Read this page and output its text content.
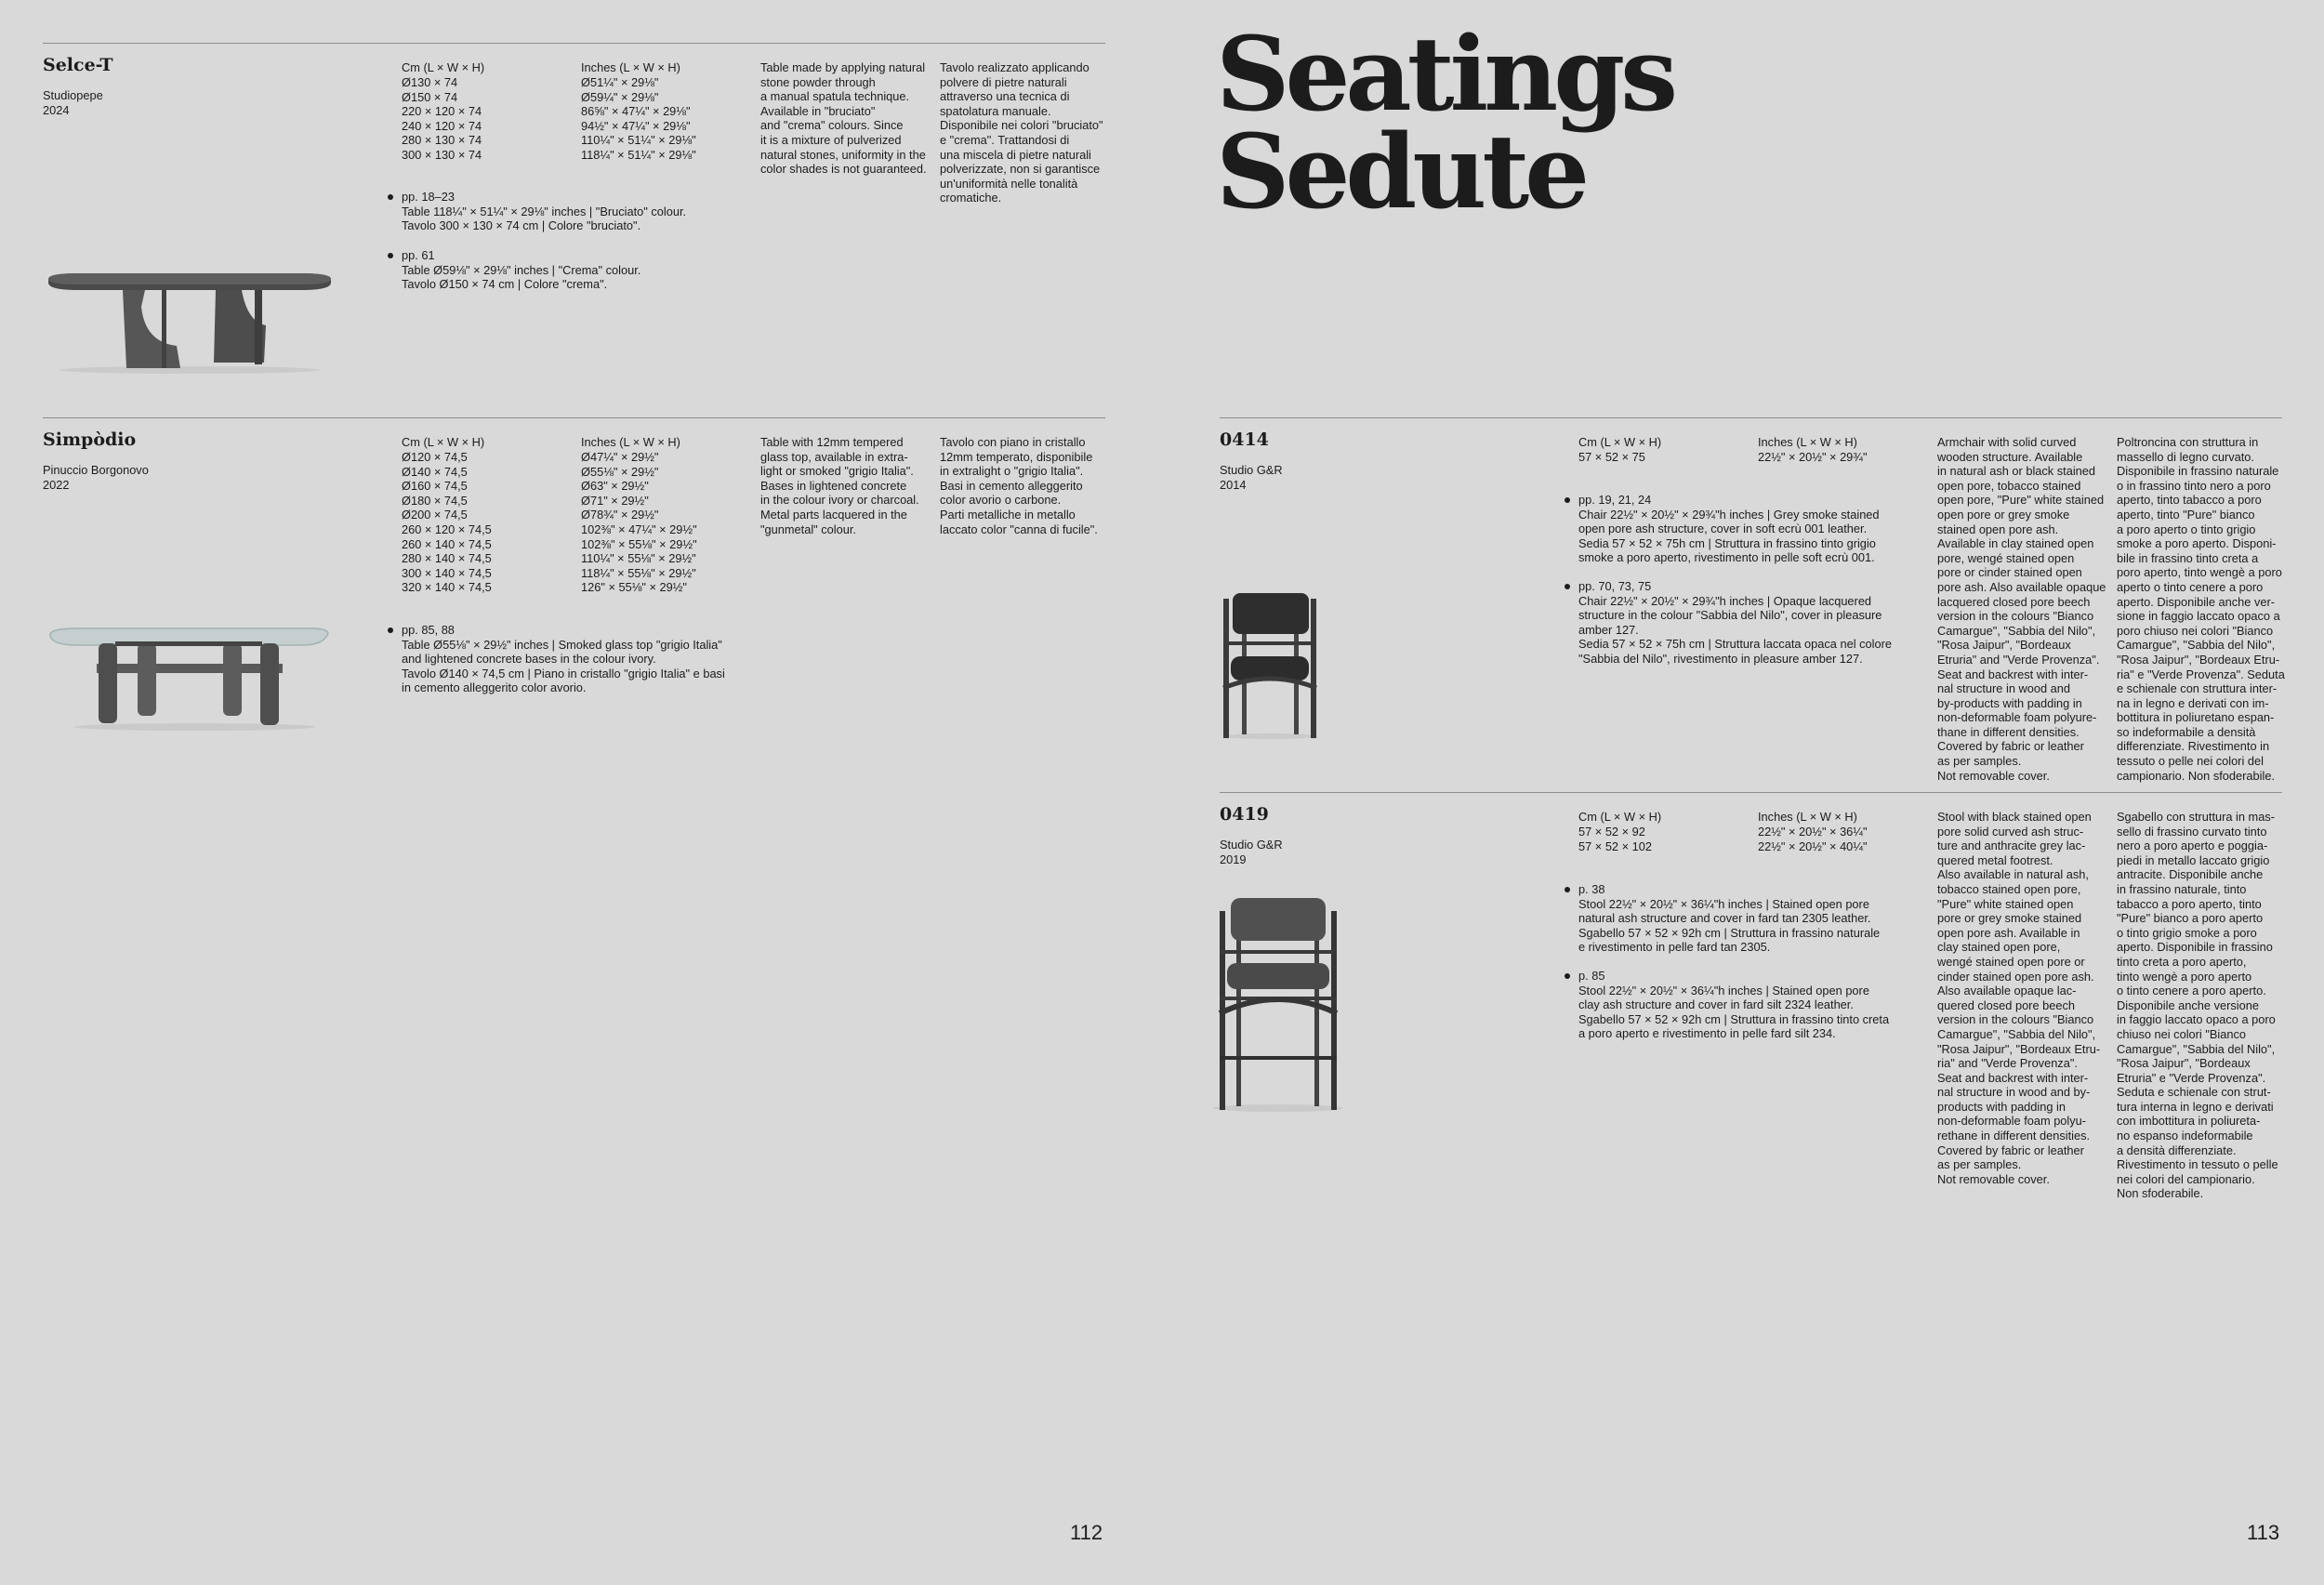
Selce-T
Studiopepe
2024
Cm (L × W × H)
Ø130 × 74
Ø150 × 74
220 × 120 × 74
240 × 120 × 74
280 × 130 × 74
300 × 130 × 74
Inches (L × W × H)
Ø51¼" × 29⅛"
Ø59¼" × 29⅛"
86⅝" × 47¼" × 29⅛"
94½" × 47¼" × 29⅛"
110¼" × 51¼" × 29⅛"
118¼" × 51¼" × 29⅛"
Table made by applying natural
stone powder through
a manual spatula technique.
Available in "bruciato"
and "crema" colours. Since
it is a mixture of pulverized
natural stones, uniformity in the
color shades is not guaranteed.
Tavolo realizzato applicando
polvere di pietre naturali
attraverso una tecnica di
spatolatura manuale.
Disponibile nei colori "bruciato"
e "crema". Trattandosi di
una miscela di pietre naturali
polverizzate, non si garantisce
un'uniformità nelle tonalità
cromatiche.
pp. 18–23
Table 118¼" × 51¼" × 29⅛" inches | "Bruciato" colour.
Tavolo 300 × 130 × 74 cm | Colore "bruciato".
pp. 61
Table Ø59⅛" × 29⅛" inches | "Crema" colour.
Tavolo Ø150 × 74 cm | Colore "crema".
Simpòdio
Pinuccio Borgonovo
2022
Cm (L × W × H)
Ø120 × 74,5
Ø140 × 74,5
Ø160 × 74,5
Ø180 × 74,5
Ø200 × 74,5
260 × 120 × 74,5
260 × 140 × 74,5
280 × 140 × 74,5
300 × 140 × 74,5
320 × 140 × 74,5
Inches (L × W × H)
Ø47¼" × 29½"
Ø55⅛" × 29½"
Ø63" × 29½"
Ø71" × 29½"
Ø78¾" × 29½"
102⅜" × 47¼" × 29½"
102⅜" × 55⅛" × 29½"
110¼" × 55⅛" × 29½"
118¼" × 55⅛" × 29½"
126" × 55⅛" × 29½"
Table with 12mm tempered
glass top, available in extra-
light or smoked "grigio Italia".
Bases in lightened concrete
in the colour ivory or charcoal.
Metal parts lacquered in the
"gunmetal" colour.
Tavolo con piano in cristallo
12mm temperato, disponibile
in extralight o "grigio Italia".
Basi in cemento alleggerito
color avorio o carbone.
Parti metalliche in metallo
laccato color "canna di fucile".
pp. 85, 88
Table Ø55⅛" × 29½" inches | Smoked glass top "grigio Italia"
and lightened concrete bases in the colour ivory.
Tavolo Ø140 × 74,5 cm | Piano in cristallo "grigio Italia" e basi
in cemento alleggerito color avorio.
112
Seatings
Sedute
0414
Studio G&R
2014
Cm (L × W × H)
57 × 52 × 75
Inches (L × W × H)
22½" × 20½" × 29¾"
Armchair with solid curved
wooden structure. Available
in natural ash or black stained
open pore, tobacco stained
open pore, "Pure" white stained
open pore or grey smoke
stained open pore ash.
Available in clay stained open
pore, wengé stained open
pore or cinder stained open
pore ash. Also available opaque
lacquered closed pore beech
version in the colours "Bianco
Camargue", "Sabbia del Nilo",
"Rosa Jaipur", "Bordeaux
Etruria" and "Verde Provenza".
Seat and backrest with inter-
nal structure in wood and
by-products with padding in
non-deformable foam polyure-
thane in different densities.
Covered by fabric or leather
as per samples.
Not removable cover.
Poltroncina con struttura in
massello di legno curvato.
Disponibile in frassino naturale
o in frassino tinto nero a poro
aperto, tinto tabacco a poro
aperto, tinto "Pure" bianco
a poro aperto o tinto grigio
smoke a poro aperto. Disponi-
bile in frassino tinto creta a
poro aperto, tinto wengè a poro
aperto o tinto cenere a poro
aperto. Disponibile anche ver-
sione in faggio laccato opaco a
poro chiuso nei colori "Bianco
Camargue", "Sabbia del Nilo",
"Rosa Jaipur", "Bordeaux Etru-
ria" e "Verde Provenza". Seduta
e schienale con struttura inter-
na in legno e derivati con im-
bottitura in poliuretano espan-
so indeformabile a densità
differenziate. Rivestimento in
tessuto o pelle nei colori del
campionario. Non sfoderabile.
pp. 19, 21, 24
Chair 22½" × 20½" × 29¾"h inches | Grey smoke stained
open pore ash structure, cover in soft ecrù 001 leather.
Sedia 57 × 52 × 75h cm | Struttura in frassino tinto grigio
smoke a poro aperto, rivestimento in pelle soft ecrù 001.
pp. 70, 73, 75
Chair 22½" × 20½" × 29¾"h inches | Opaque lacquered
structure in the colour "Sabbia del Nilo", cover in pleasure
amber 127.
Sedia 57 × 52 × 75h cm | Struttura laccata opaca nel colore
"Sabbia del Nilo", rivestimento in pleasure amber 127.
0419
Studio G&R
2019
Cm (L × W × H)
57 × 52 × 92
57 × 52 × 102
Inches (L × W × H)
22½" × 20½" × 36¼"
22½" × 20½" × 40¼"
Stool with black stained open
pore solid curved ash struc-
ture and anthracite grey lac-
quered metal footrest.
Also available in natural ash,
tobacco stained open pore,
"Pure" white stained open
pore or grey smoke stained
open pore ash. Available in
clay stained open pore,
wengé stained open pore or
cinder stained open pore ash.
Also available opaque lac-
quered closed pore beech
version in the colours "Bianco
Camargue", "Sabbia del Nilo",
"Rosa Jaipur", "Bordeaux Etru-
ria" and "Verde Provenza".
Seat and backrest with inter-
nal structure in wood and by-
products with padding in
non-deformable foam polyu-
rethane in different densities.
Covered by fabric or leather
as per samples.
Not removable cover.
Sgabello con struttura in mas-
sello di frassino curvato tinto
nero a poro aperto e poggia-
piedi in metallo laccato grigio
antracite. Disponibile anche
in frassino naturale, tinto
tabacco a poro aperto, tinto
"Pure" bianco a poro aperto
o tinto grigio smoke a poro
aperto. Disponibile in frassino
tinto creta a poro aperto,
tinto wengè a poro aperto
o tinto cenere a poro aperto.
Disponibile anche versione
in faggio laccato opaco a poro
chiuso nei colori "Bianco
Camargue", "Sabbia del Nilo",
"Rosa Jaipur", "Bordeaux
Etruria" e "Verde Provenza".
Seduta e schienale con strut-
tura interna in legno e derivati
con imbottitura in poliureta-
no espanso indeformabile
a densità differenziate.
Rivestimento in tessuto o pelle
nei colori del campionario.
Non sfoderabile.
p. 38
Stool 22½" × 20½" × 36¼"h inches | Stained open pore
natural ash structure and cover in fard tan 2305 leather.
Sgabello 57 × 52 × 92h cm | Struttura in frassino naturale
e rivestimento in pelle fard tan 2305.
p. 85
Stool 22½" × 20½" × 36¼"h inches | Stained open pore
clay ash structure and cover in fard silt 2324 leather.
Sgabello 57 × 52 × 92h cm | Struttura in frassino tinto creta
a poro aperto e rivestimento in pelle fard silt 234.
113
